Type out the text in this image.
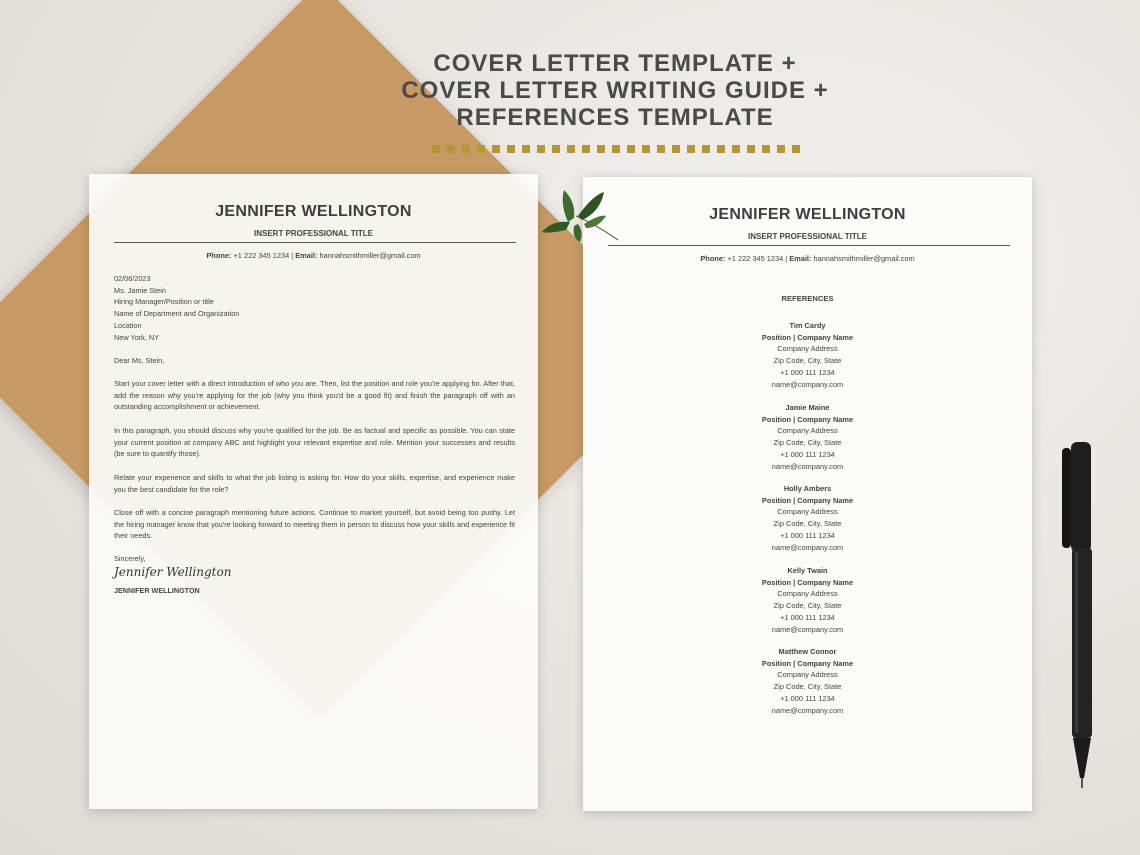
COVER LETTER TEMPLATE +
COVER LETTER WRITING GUIDE +
REFERENCES TEMPLATE
JENNIFER WELLINGTON
INSERT PROFESSIONAL TITLE
Phone: +1 222 345 1234 | Email: hannahsmithmiller@gmail.com
02/06/2023
Ms. Jamie Stein
Hiring Manager/Position or title
Name of Department and Organization
Location
New York, NY
Dear Ms. Stein,

Start your cover letter with a direct introduction of who you are. Then, list the position and role you're applying for. After that, add the reason why you're applying for the job (why you think you'd be a good fit) and finish the paragraph off with an outstanding accomplishment or achievement.

In this paragraph, you should discuss why you're qualified for the job. Be as factual and specific as possible. You can state your current position at company ABC and highlight your relevant expertise and role. Mention your successes and results (be sure to quantify those).

Relate your experience and skills to what the job listing is asking for. How do your skills, expertise, and experience make you the best candidate for the role?

Close off with a concise paragraph mentioning future actions. Continue to market yourself, but avoid being too pushy. Let the hiring manager know that you're looking forward to meeting them in person to discuss how your skills and experience fit their needs.

Sincerely,
Jennifer Wellington
JENNIFER WELLINGTON
JENNIFER WELLINGTON
INSERT PROFESSIONAL TITLE
Phone: +1 222 345 1234 | Email: hannahsmithmiller@gmail.com
REFERENCES
Tim Cardy
Position | Company Name
Company Address
Zip Code, City, State
+1 000 111 1234
name@company.com
Jamie Maine
Position | Company Name
Company Address
Zip Code, City, State
+1 000 111 1234
name@company.com
Holly Ambers
Position | Company Name
Company Address
Zip Code, City, State
+1 000 111 1234
name@company.com
Kelly Twain
Position | Company Name
Company Address
Zip Code, City, State
+1 000 111 1234
name@company.com
Matthew Connor
Position | Company Name
Company Address
Zip Code, City, State
+1 000 111 1234
name@company.com
